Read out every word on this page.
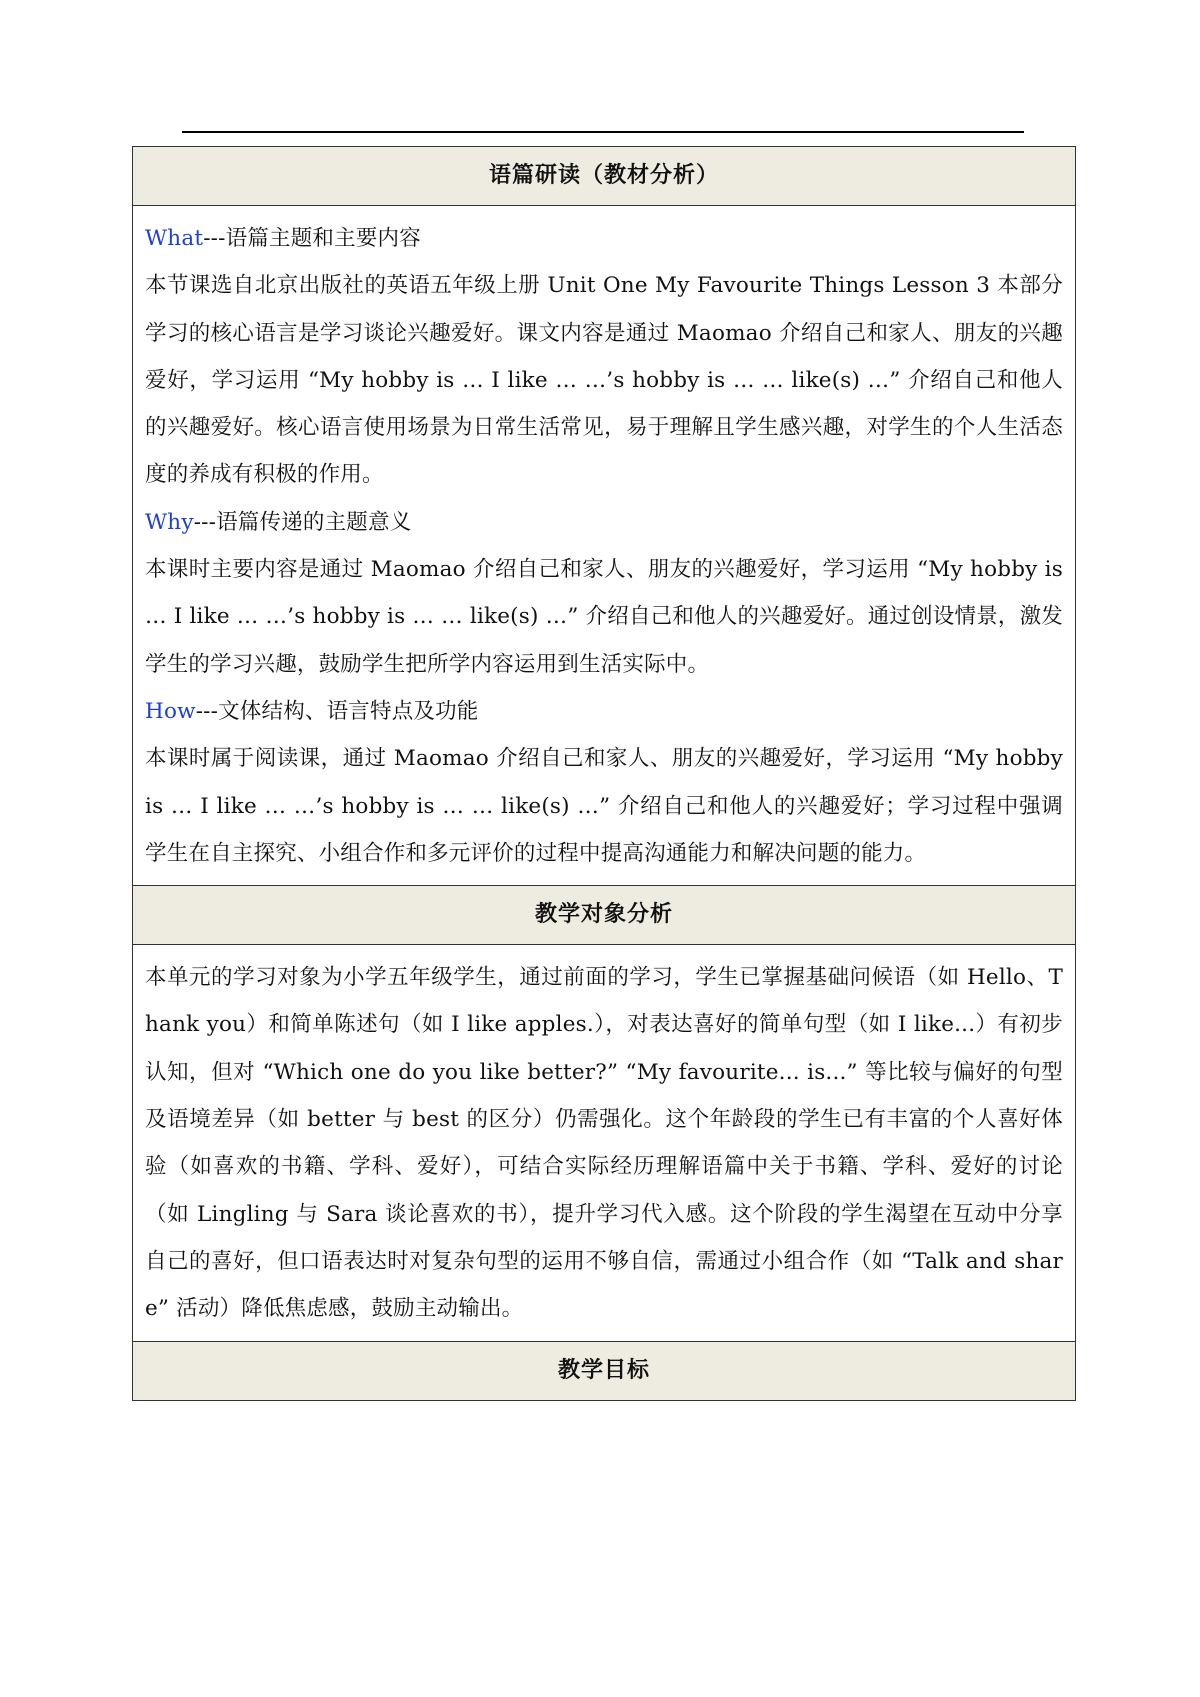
语篇研读（教材分析）

What---语篇主题和主要内容

本节课选自北京出版社的英语五年级上册 Unit One My Favourite Things Lesson 3 本部分学习的核心语言是学习谈论兴趣爱好。课文内容是通过 Maomao 介绍自己和家人、朋友的兴趣爱好，学习运用 “My hobby is … I like … …’s hobby is … … like(s) …” 介绍自己和他人的兴趣爱好。核心语言使用场景为日常生活常见，易于理解且学生感兴趣，对学生的个人生活态度的养成有积极的作用。

Why---语篇传递的主题意义

本课时主要内容是通过 Maomao 介绍自己和家人、朋友的兴趣爱好，学习运用 “My hobby is … I like … …’s hobby is … … like(s) …” 介绍自己和他人的兴趣爱好。通过创设情景，激发学生的学习兴趣，鼓励学生把所学内容运用到生活实际中。

How---文体结构、语言特点及功能

本课时属于阅读课，通过 Maomao 介绍自己和家人、朋友的兴趣爱好，学习运用 “My hobby is … I like … …’s hobby is … … like(s) …” 介绍自己和他人的兴趣爱好；学习过程中强调学生在自主探究、小组合作和多元评价的过程中提高沟通能力和解决问题的能力。

教学对象分析

本单元的学习对象为小学五年级学生，通过前面的学习，学生已掌握基础问候语（如 Hello、Thank you）和简单陈述句（如 I like apples.），对表达喜好的简单句型（如 I like...）有初步认知，但对 “Which one do you like better?” “My favourite... is...” 等比较与偏好的句型及语境差异（如 better 与 best 的区分）仍需强化。这个年龄段的学生已有丰富的个人喜好体验（如喜欢的书籍、学科、爱好），可结合实际经历理解语篇中关于书籍、学科、爱好的讨论（如 Lingling 与 Sara 谈论喜欢的书），提升学习代入感。这个阶段的学生渴望在互动中分享自己的喜好，但口语表达时对复杂句型的运用不够自信，需通过小组合作（如 “Talk and share” 活动）降低焦虑感，鼓励主动输出。

教学目标
